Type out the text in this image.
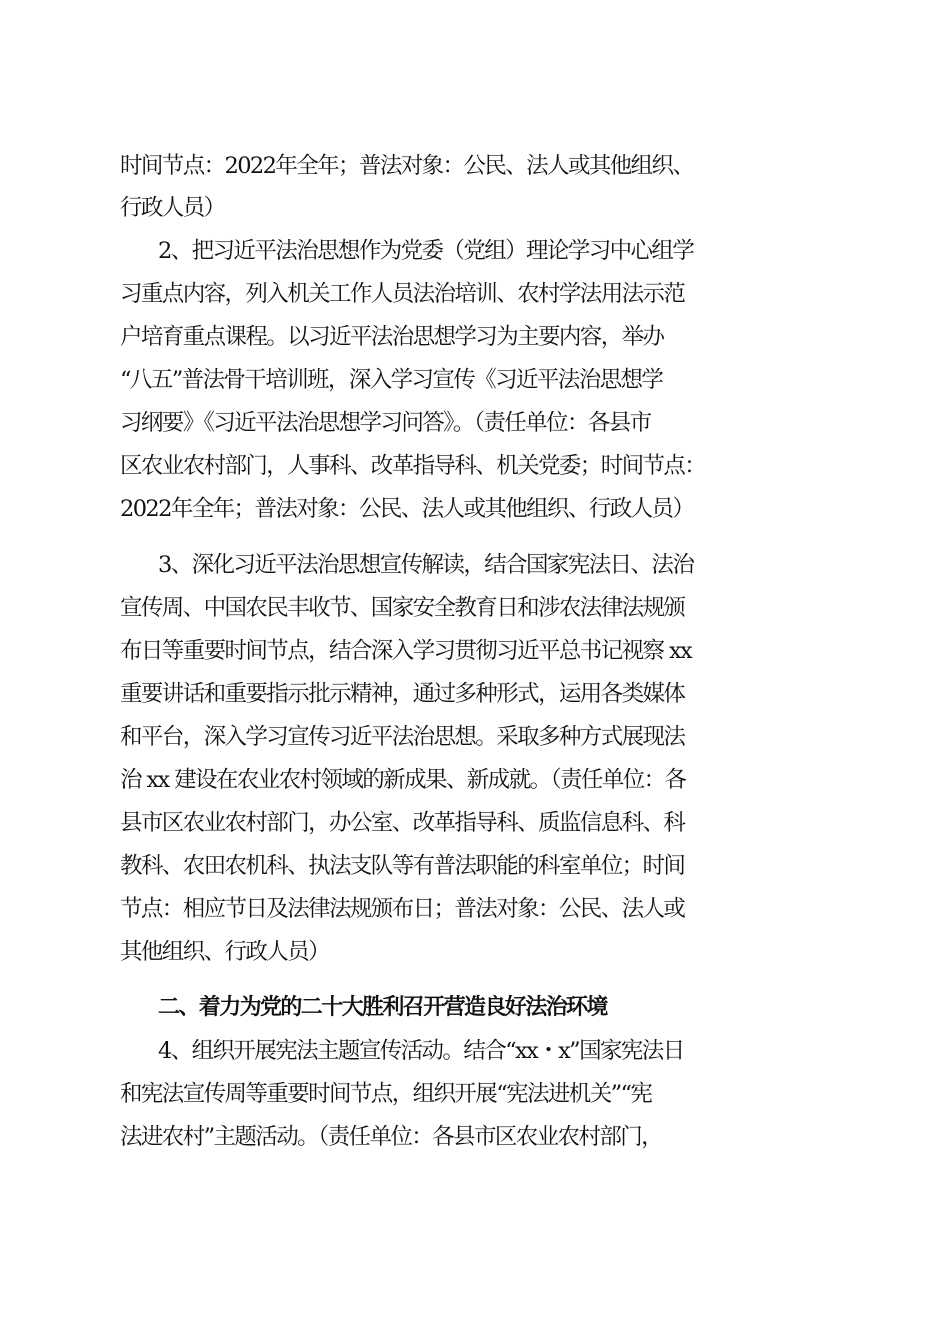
时间节点：2022年全年；普法对象：公民、法人或其他组织、
行政人员）
2、把习近平法治思想作为党委（党组）理论学习中心组学
习重点内容，列入机关工作人员法治培训、农村学法用法示范
户培育重点课程。以习近平法治思想学习为主要内容，举办
“八五”普法骨干培训班，深入学习宣传《习近平法治思想学
习纲要》《习近平法治思想学习问答》。（责任单位：各县市
区农业农村部门，人事科、改革指导科、机关党委；时间节点：
2022年全年；普法对象：公民、法人或其他组织、行政人员）
3、深化习近平法治思想宣传解读，结合国家宪法日、法治
宣传周、中国农民丰收节、国家安全教育日和涉农法律法规颁
布日等重要时间节点，结合深入学习贯彻习近平总书记视察 xx
重要讲话和重要指示批示精神，通过多种形式，运用各类媒体
和平台，深入学习宣传习近平法治思想。采取多种方式展现法
治 xx 建设在农业农村领域的新成果、新成就。（责任单位：各
县市区农业农村部门，办公室、改革指导科、质监信息科、科
教科、农田农机科、执法支队等有普法职能的科室单位；时间
节点：相应节日及法律法规颁布日；普法对象：公民、法人或
其他组织、行政人员）
二、着力为党的二十大胜利召开营造良好法治环境
4、组织开展宪法主题宣传活动。结合“xx・x”国家宪法日
和宪法宣传周等重要时间节点，组织开展“宪法进机关”“宪
法进农村”主题活动。（责任单位：各县市区农业农村部门，
